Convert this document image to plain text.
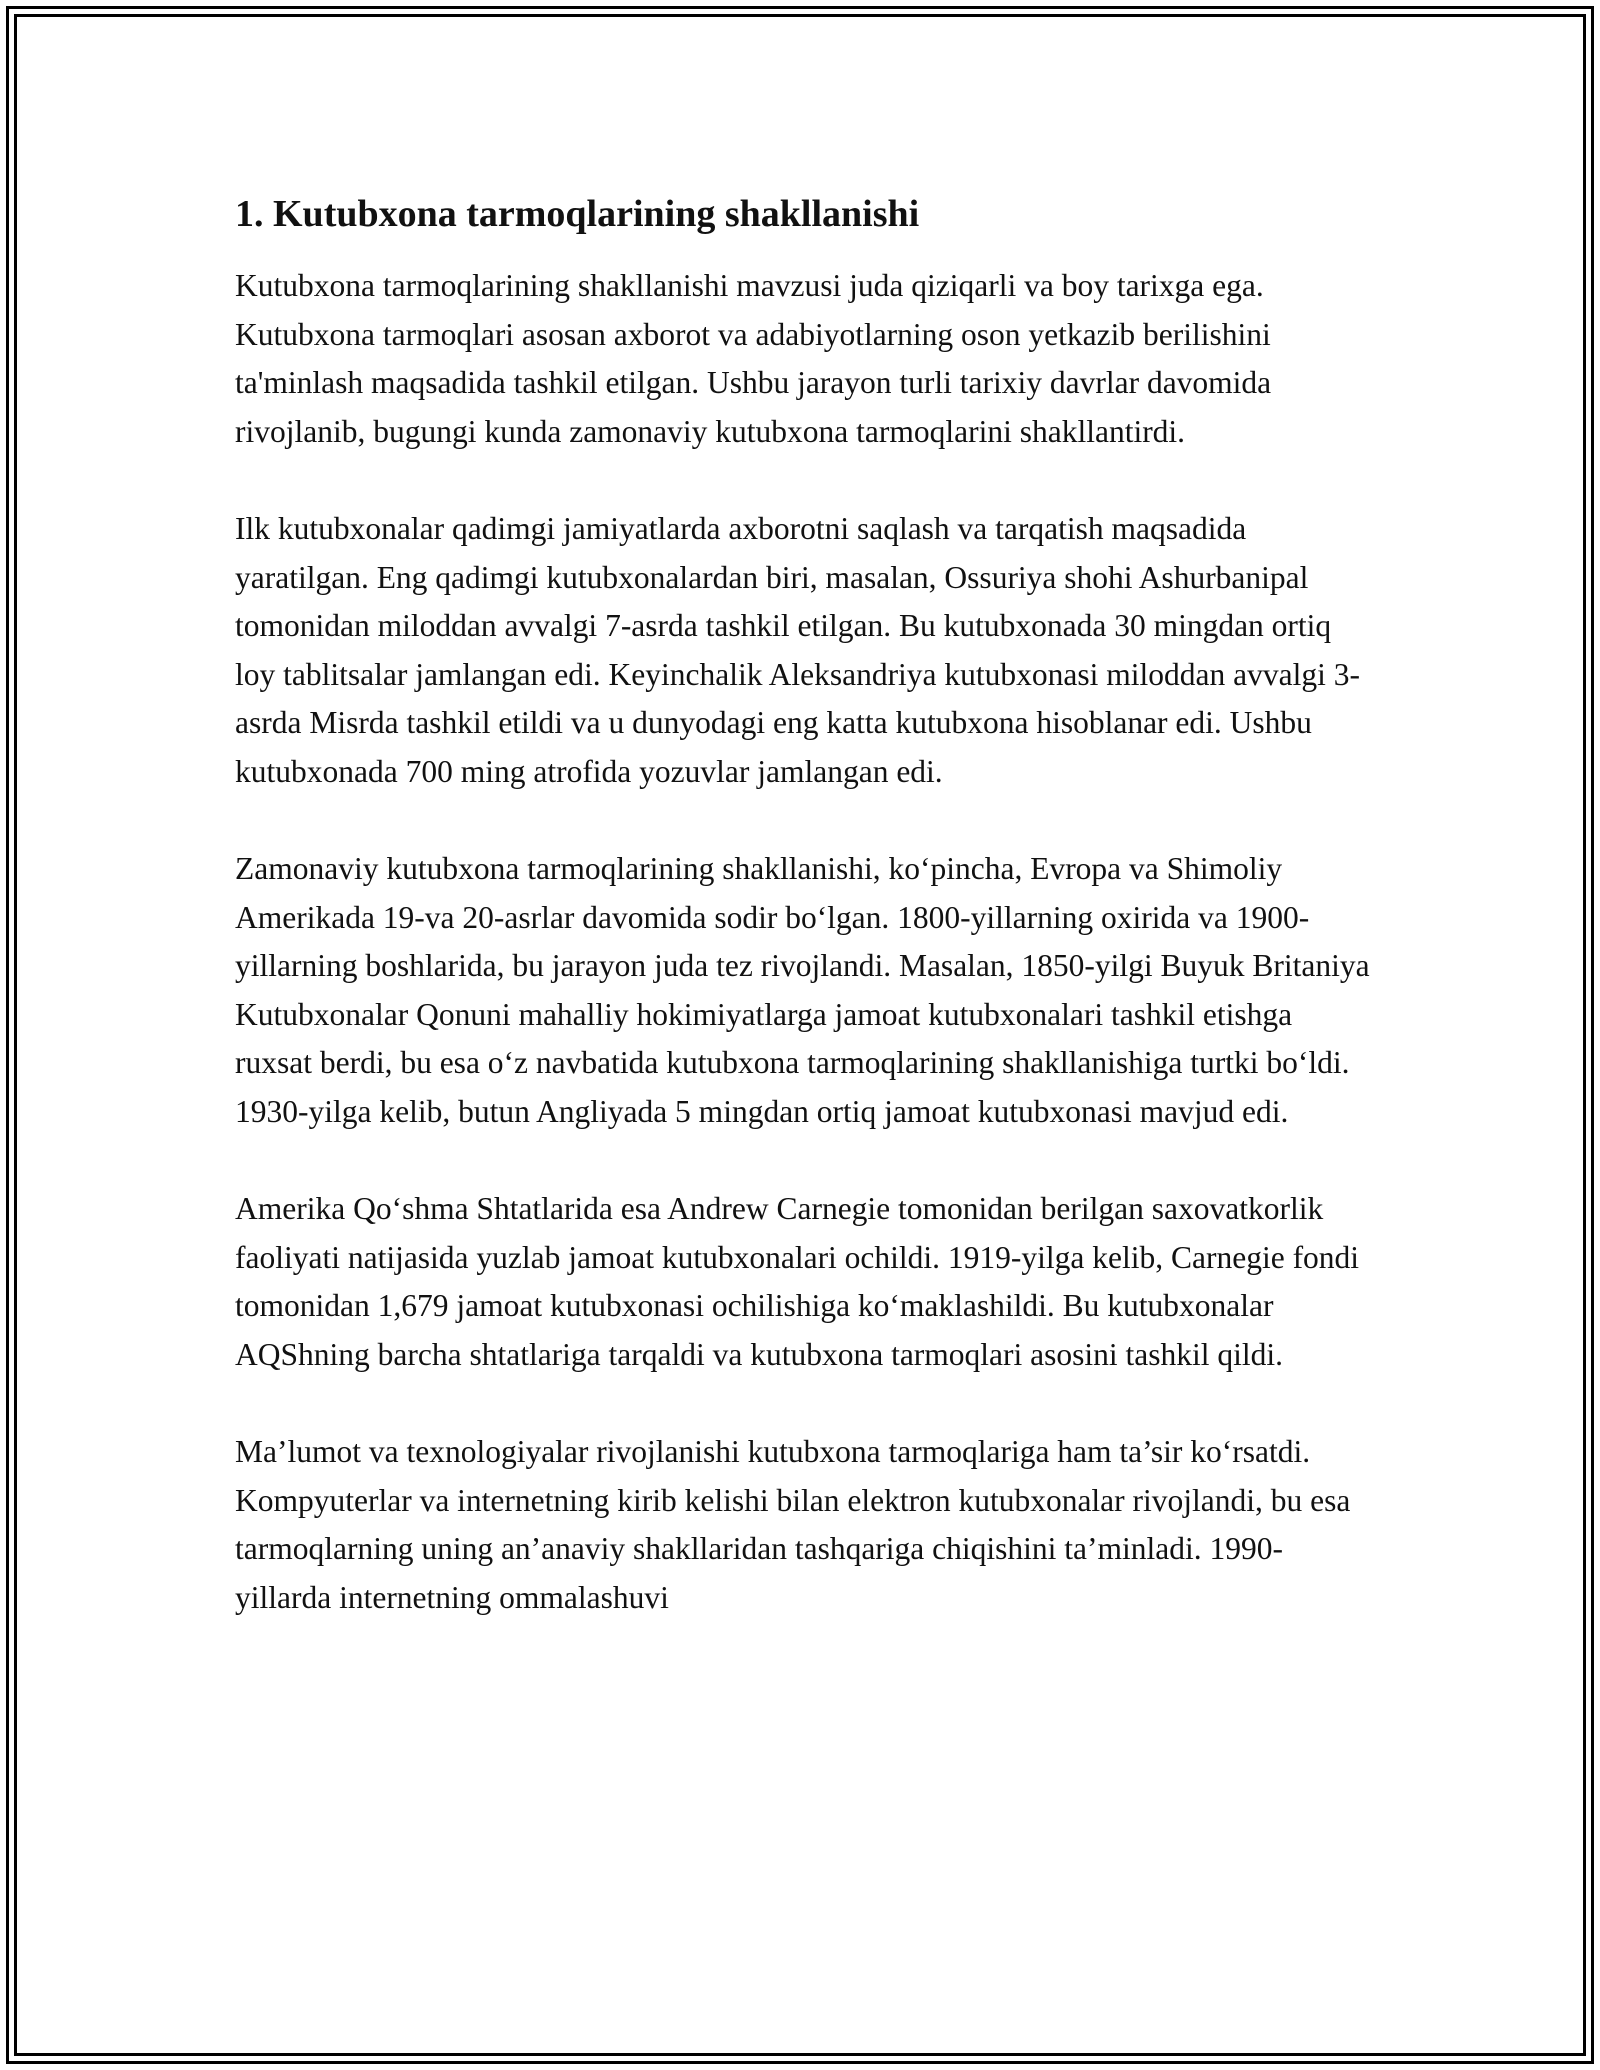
1. Kutubxona tarmoqlarining shakllanishi

Kutubxona tarmoqlarining shakllanishi mavzusi juda qiziqarli va boy tarixga ega. Kutubxona tarmoqlari asosan axborot va adabiyotlarning oson yetkazib berilishini ta'minlash maqsadida tashkil etilgan. Ushbu jarayon turli tarixiy davrlar davomida rivojlanib, bugungi kunda zamonaviy kutubxona tarmoqlarini shakllantirdi.

Ilk kutubxonalar qadimgi jamiyatlarda axborotni saqlash va tarqatish maqsadida yaratilgan. Eng qadimgi kutubxonalardan biri, masalan, Ossuriya shohi Ashurbanipal tomonidan miloddan avvalgi 7-asrda tashkil etilgan. Bu kutubxonada 30 mingdan ortiq loy tablitsalar jamlangan edi. Keyinchalik Aleksandriya kutubxonasi miloddan avvalgi 3-asrda Misrda tashkil etildi va u dunyodagi eng katta kutubxona hisoblanar edi. Ushbu kutubxonada 700 ming atrofida yozuvlar jamlangan edi.

Zamonaviy kutubxona tarmoqlarining shakllanishi, ko‘pincha, Evropa va Shimoliy Amerikada 19-va 20-asrlar davomida sodir bo‘lgan. 1800-yillarning oxirida va 1900-yillarning boshlarida, bu jarayon juda tez rivojlandi. Masalan, 1850-yilgi Buyuk Britaniya Kutubxonalar Qonuni mahalliy hokimiyatlarga jamoat kutubxonalari tashkil etishga ruxsat berdi, bu esa o‘z navbatida kutubxona tarmoqlarining shakllanishiga turtki bo‘ldi. 1930-yilga kelib, butun Angliyada 5 mingdan ortiq jamoat kutubxonasi mavjud edi.

Amerika Qo‘shma Shtatlarida esa Andrew Carnegie tomonidan berilgan saxovatkorlik faoliyati natijasida yuzlab jamoat kutubxonalari ochildi. 1919-yilga kelib, Carnegie fondi tomonidan 1,679 jamoat kutubxonasi ochilishiga ko‘maklashildi. Bu kutubxonalar AQShning barcha shtatlariga tarqaldi va kutubxona tarmoqlari asosini tashkil qildi.

Ma’lumot va texnologiyalar rivojlanishi kutubxona tarmoqlariga ham ta’sir ko‘rsatdi. Kompyuterlar va internetning kirib kelishi bilan elektron kutubxonalar rivojlandi, bu esa tarmoqlarning uning an’anaviy shakllaridan tashqariga chiqishini ta’minladi. 1990-yillarda internetning ommalashuvi
